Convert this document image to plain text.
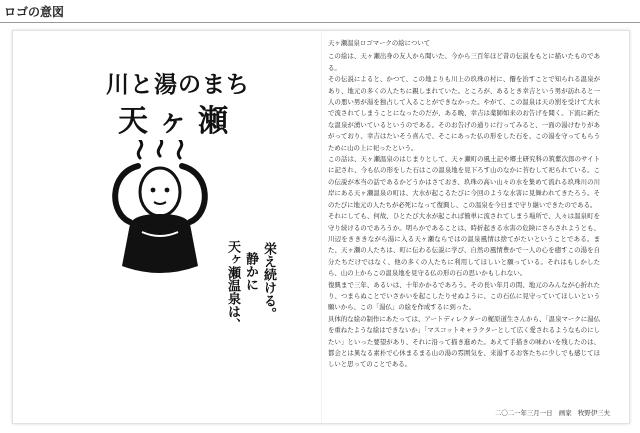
ロゴの意図
川と湯のまち
天ヶ瀬
天ヶ瀬温泉は、 静かに 栄え続ける。

天ヶ瀬温泉ロゴマークの絵について

この絵は、天ヶ瀬出身の友人から聞いた、今から三百年ほど昔の伝説をもとに描いたものである。

その伝説によると、かつて、この地よりも川上の玖珠の村に、僊を治すことで知られる温泉があり、地元の多くの人たちに親しまれていた。ところが、あるとき幸吉という男が訪れると一人の悪い男が湯を独占して入ることができなかった。やがて、この温泉は天の罰を受けて大水で流されてしまうことになったのだが、ある晩、幸吉は薬師如来のお告げを聞く。下流に新たな温泉が湧いているというのである。そのお告げの通りに行ってみると、一面の湯けむりがあがっており、幸吉はたいそう喜んで、そこにあった仏の形をした石を、この湯を守ってもらうために山の上に祀ったという。

この話は、天ヶ瀬温泉のはじまりとして、天ヶ瀬町の風土記や郷土研究科の筑紫次郎のサイトに記され、今も仏の形をした石はこの温泉地を見下ろす山のなかに苔むして祀られている。この伝説が本当の話であるかどうかはさておき、玖珠の高い山々の水を集めて流れる玖珠川の川岸にある天ヶ瀬温泉の町は、大水が起こるたびに今回のような水害に見舞われてきたろう。そのたびに地元の人たちが必死になって復興し、この温泉を今日まで守り継いできたのである。

それにしても、何故、ひとたび大水が起これば簡単に流されてしまう場所で、人々は温泉町を守り続けるのであろうか。明らかであることは、時折起きる水害の危険にさらされようとも、川辺をきききながら湯に入る天ヶ瀬ならではの温泉風情は捨てがたいということである。また、天ヶ瀬の人たちは、町に伝わる伝説に学び、自然の風情豊かで一人の心を癒すこの湯を自分たちだけではなく、他の多くの人たちに利用してほしいと願っている。それはもしかしたら、山の上からこの温泉地を見守る仏の形の石の思いかもしれない。

復興まで三年、あるいは、十年かかるであろう。その長い年月の間、地元のみんなが心折れたり、つまらぬことでいさかいを起こしたりせぬように、この石仏に見守っていてほしいという願いから、この「湯仏」の絵を作成するに到った。

具体的な絵の制作にあたっては、アートディレクターの梶原道生さんから、「温泉マークに湯仏を重ねたような絵はできないか」「マスコットキャラクターとして広く愛されるようなものにしたい」といった要望があり、それに沿って描き進めた。あえて手描きの味わいを残したのは、都会とは異なる素朴で心休まるまる山の湯の雰囲気を、来湯するお客たちに少しでも感じてほしいと思ってのことである。

二〇二一年三月一日　画家　牧野伊三夫
